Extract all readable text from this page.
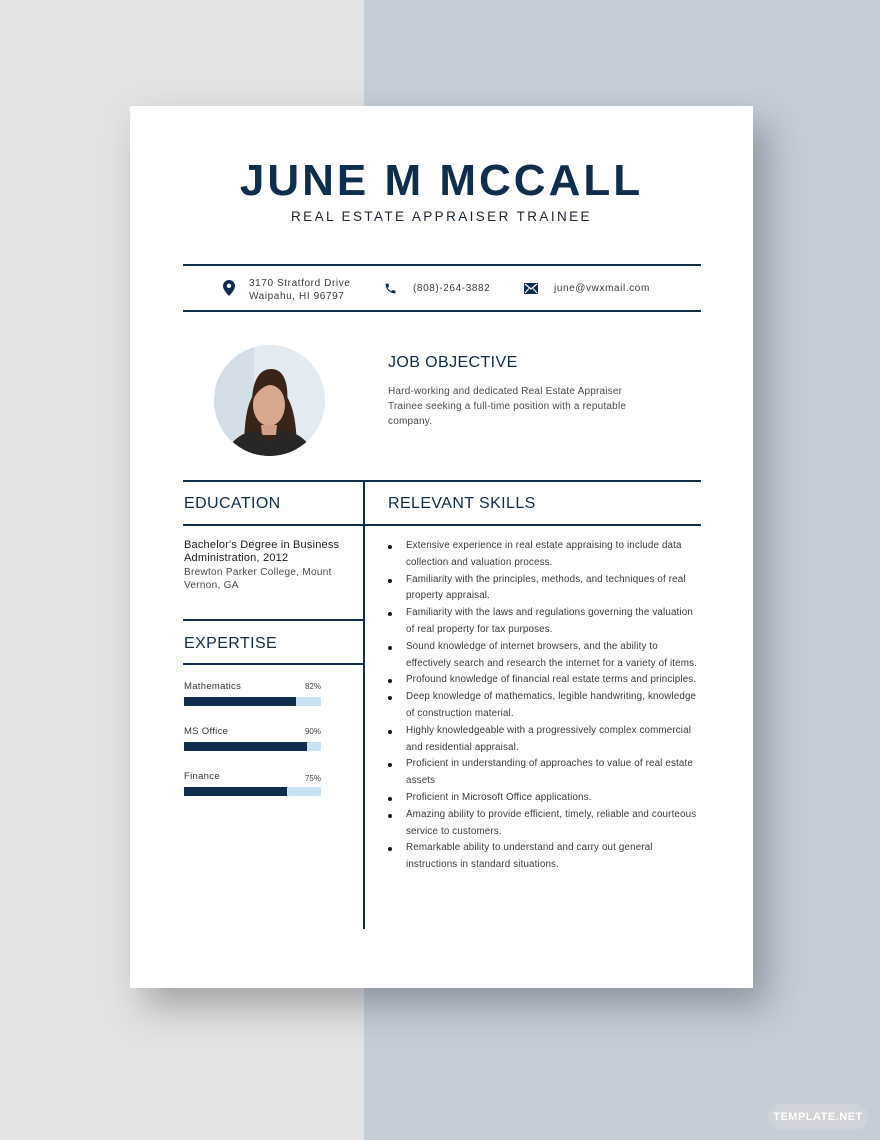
JUNE M MCCALL
REAL ESTATE APPRAISER TRAINEE
3170 Stratford Drive
Waipahu, HI 96797
(808)-264-3882	june@vwxmail.com
JOB OBJECTIVE
Hard-working and dedicated Real Estate Appraiser Trainee seeking a full-time position with a reputable company.
EDUCATION	RELEVANT SKILLS
Bachelor's Degree in Business Administration, 2012
Brewton Parker College, Mount Vernon, GA
EXPERTISE
Mathematics	82%
MS Office	90%
Finance	75%
Extensive experience in real estate appraising to include data collection and valuation process.
Familiarity with the principles, methods, and techniques of real property appraisal.
Familiarity with the laws and regulations governing the valuation of real property for tax purposes.
Sound knowledge of internet browsers, and the ability to effectively search and research the internet for a variety of items.
Profound knowledge of financial real estate terms and principles.
Deep knowledge of mathematics, legible handwriting, knowledge of construction material.
Highly knowledgeable with a progressively complex commercial and residential appraisal.
Proficient in understanding of approaches to value of real estate assets
Proficient in Microsoft Office applications.
Amazing ability to provide efficient, timely, reliable and courteous service to customers.
Remarkable ability to understand and carry out general instructions in standard situations.
TEMPLATE.NET
